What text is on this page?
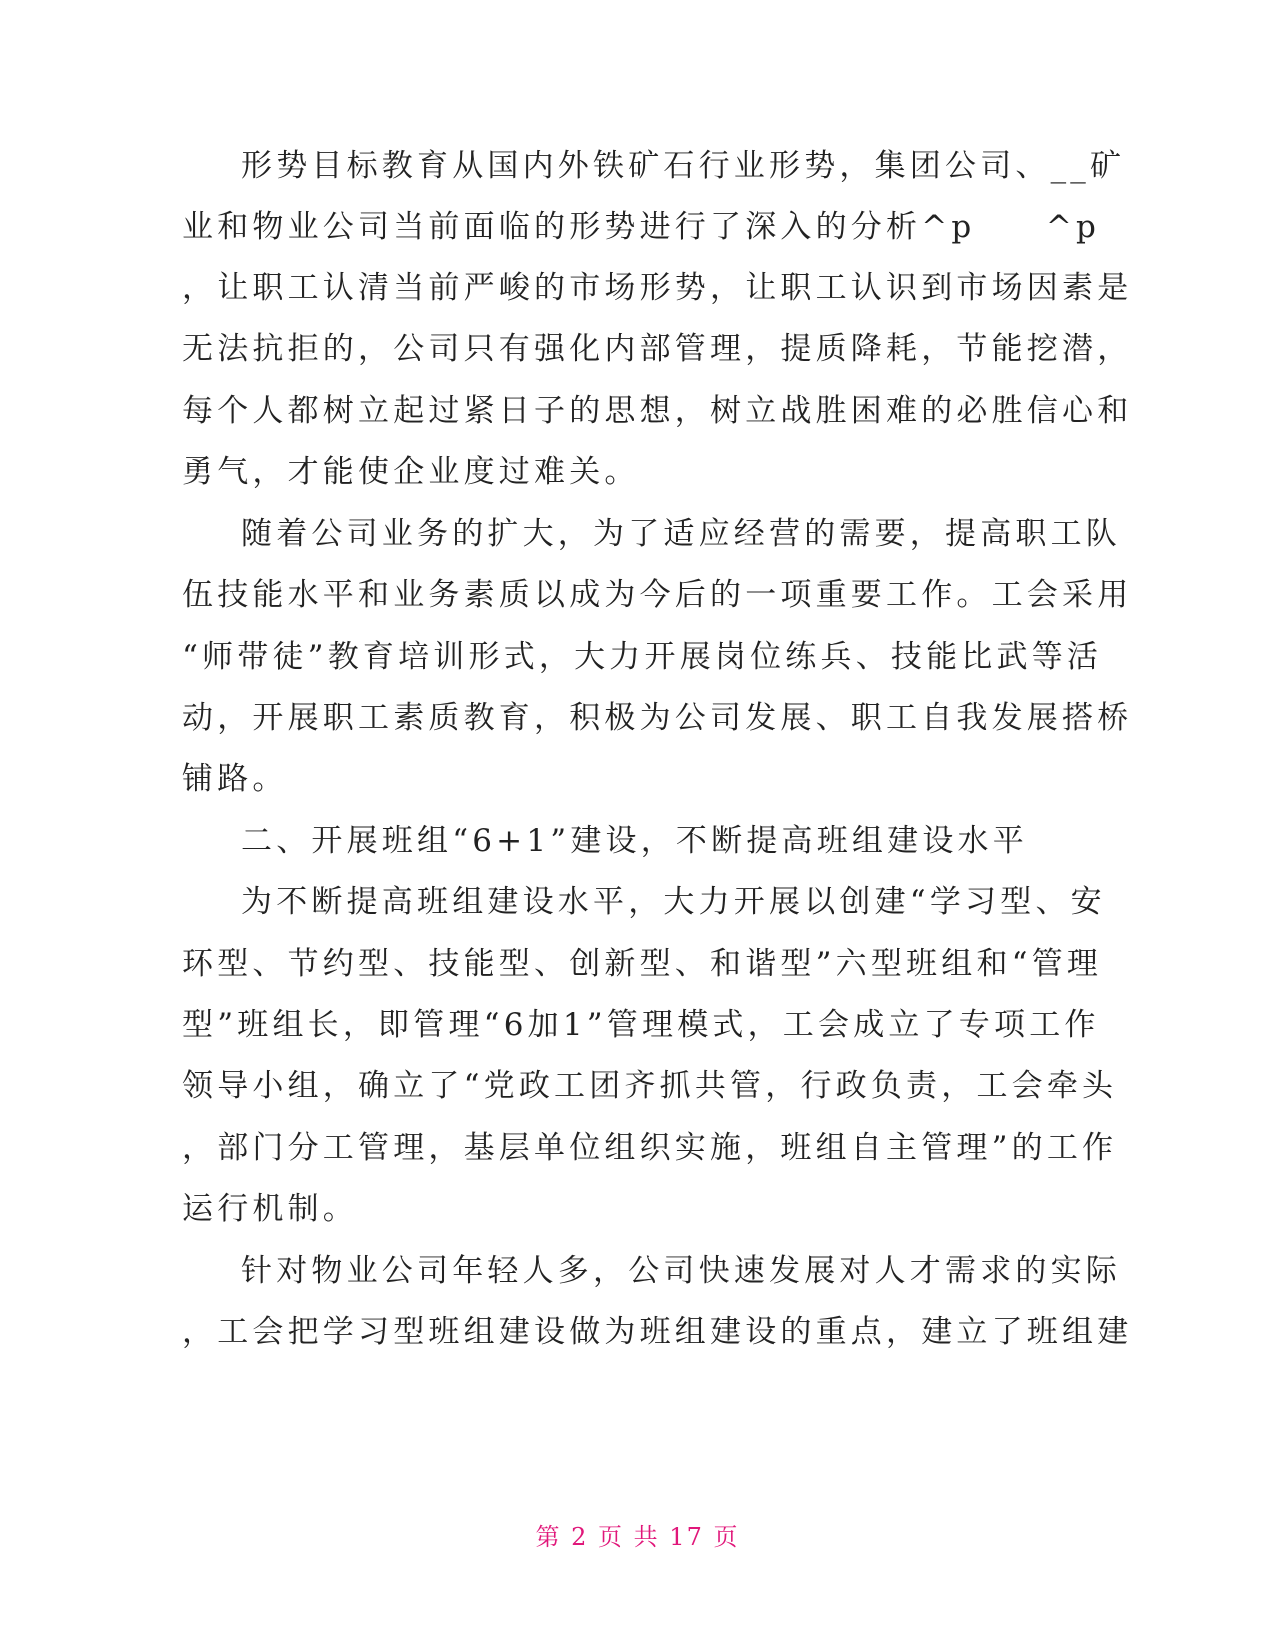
形势目标教育从国内外铁矿石行业形势，集团公司、__矿
业和物业公司当前面临的形势进行了深入的分析^p　　^p
，让职工认清当前严峻的市场形势，让职工认识到市场因素是
无法抗拒的，公司只有强化内部管理，提质降耗，节能挖潜，
每个人都树立起过紧日子的思想，树立战胜困难的必胜信心和
勇气，才能使企业度过难关。
随着公司业务的扩大，为了适应经营的需要，提高职工队
伍技能水平和业务素质以成为今后的一项重要工作。工会采用
“师带徒”教育培训形式，大力开展岗位练兵、技能比武等活
动，开展职工素质教育，积极为公司发展、职工自我发展搭桥
铺路。
二、开展班组“6+1”建设，不断提高班组建设水平
为不断提高班组建设水平，大力开展以创建“学习型、安
环型、节约型、技能型、创新型、和谐型”六型班组和“管理
型”班组长，即管理“6加1”管理模式，工会成立了专项工作
领导小组，确立了“党政工团齐抓共管，行政负责，工会牵头
，部门分工管理，基层单位组织实施，班组自主管理”的工作
运行机制。
针对物业公司年轻人多，公司快速发展对人才需求的实际
，工会把学习型班组建设做为班组建设的重点，建立了班组建
第 2 页 共 17 页
